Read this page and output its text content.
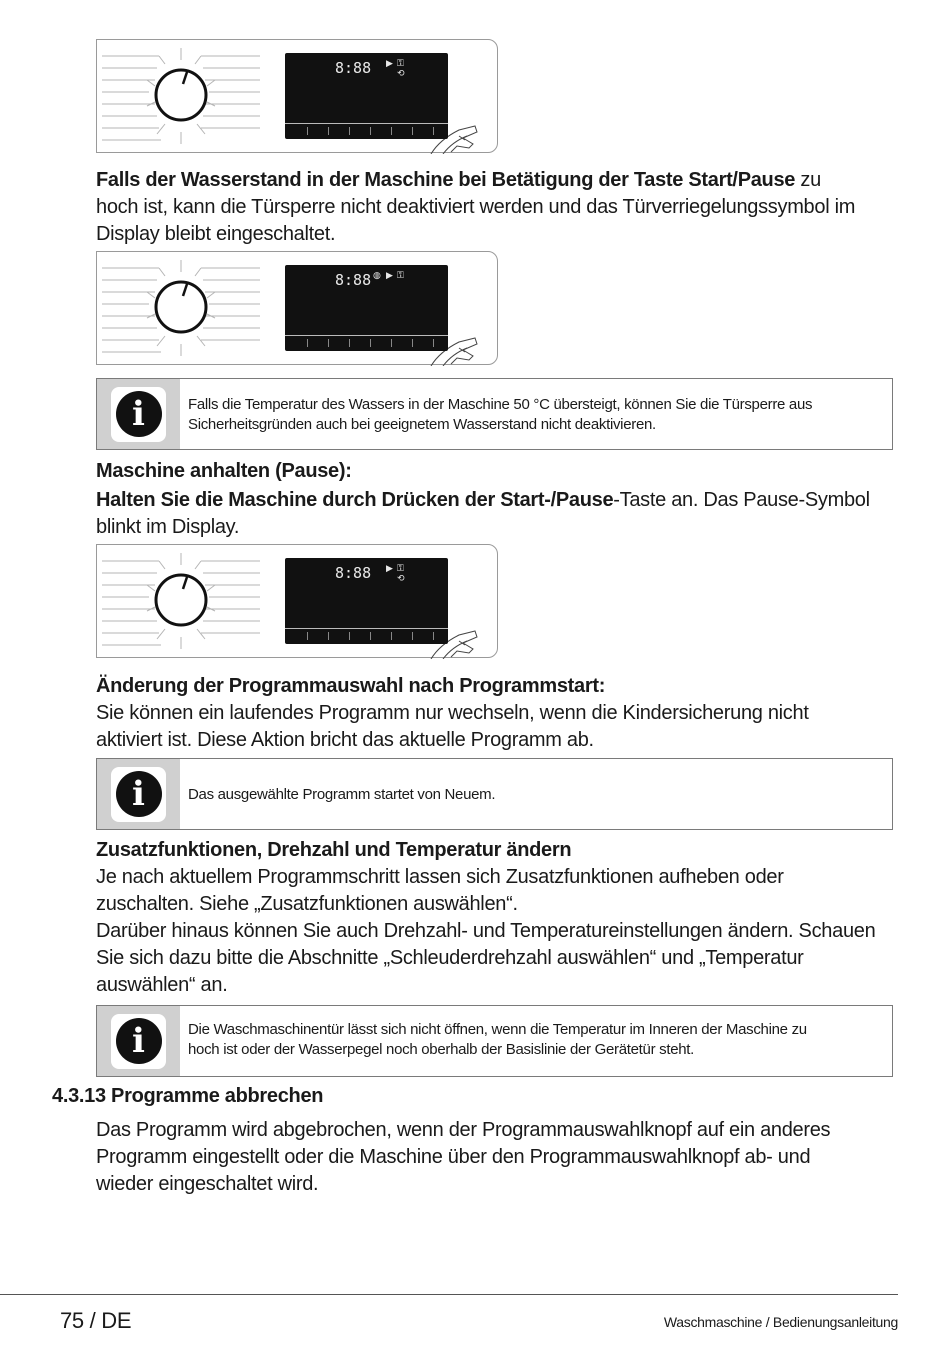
8:88 ▶ ⚿
⟲
Falls der Wasserstand in der Maschine bei Betätigung der Taste Start/Pause zu
hoch ist, kann die Türsperre nicht deaktiviert werden und das Türverriegelungssymbol im
Display bleibt eingeschaltet.
8:88 ◍ ▶ ⚿
i	Falls die Temperatur des Wassers in der Maschine 50 °C übersteigt, können Sie die Türsperre aus
Sicherheitsgründen auch bei geeignetem Wasserstand nicht deaktivieren.
Maschine anhalten (Pause):
Halten Sie die Maschine durch Drücken der Start-/Pause-Taste an. Das Pause-Symbol
blinkt im Display.
8:88 ▶ ⚿
⟲
Änderung der Programmauswahl nach Programmstart:
Sie können ein laufendes Programm nur wechseln, wenn die Kindersicherung nicht
aktiviert ist. Diese Aktion bricht das aktuelle Programm ab.
i	Das ausgewählte Programm startet von Neuem.
Zusatzfunktionen, Drehzahl und Temperatur ändern
Je nach aktuellem Programmschritt lassen sich Zusatzfunktionen aufheben oder
zuschalten. Siehe „Zusatzfunktionen auswählen“.
Darüber hinaus können Sie auch Drehzahl- und Temperatureinstellungen ändern. Schauen
Sie sich dazu bitte die Abschnitte „Schleuderdrehzahl auswählen“ und „Temperatur
auswählen“ an.
i	Die Waschmaschinentür lässt sich nicht öffnen, wenn die Temperatur im Inneren der Maschine zu
hoch ist oder der Wasserpegel noch oberhalb der Basislinie der Gerätetür steht.
4.3.13 Programme abbrechen
Das Programm wird abgebrochen, wenn der Programmauswahlknopf auf ein anderes
Programm eingestellt oder die Maschine über den Programmauswahlknopf ab- und
wieder eingeschaltet wird.
75 / DE	Waschmaschine / Bedienungsanleitung
